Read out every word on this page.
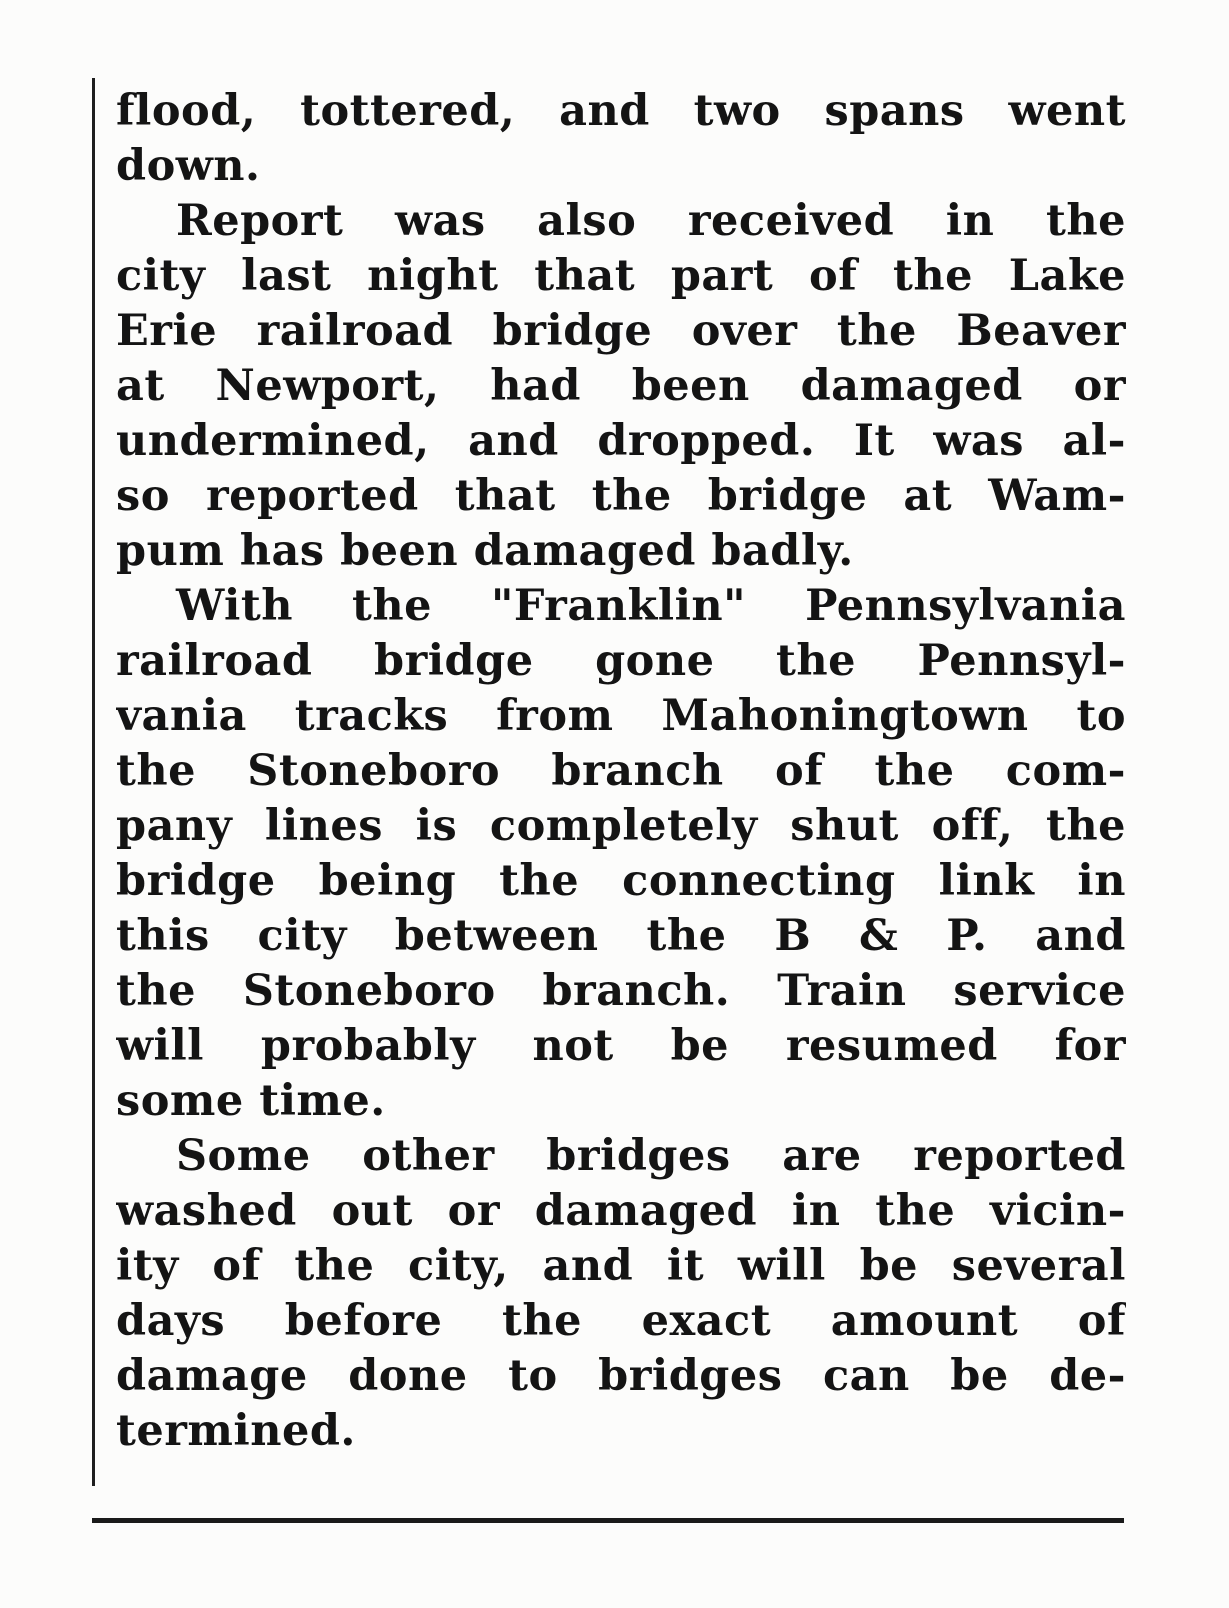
flood, tottered, and two spans went
down.
Report was also received in the
city last night that part of the Lake
Erie railroad bridge over the Beaver
at Newport, had been damaged or
undermined, and dropped. It was al-
so reported that the bridge at Wam-
pum has been damaged badly.
With the "Franklin" Pennsylvania
railroad bridge gone the Pennsyl-
vania tracks from Mahoningtown to
the Stoneboro branch of the com-
pany lines is completely shut off, the
bridge being the connecting link in
this city between the B & P. and
the Stoneboro branch. Train service
will probably not be resumed for
some time.
Some other bridges are reported
washed out or damaged in the vicin-
ity of the city, and it will be several
days before the exact amount of
damage done to bridges can be de-
termined.
